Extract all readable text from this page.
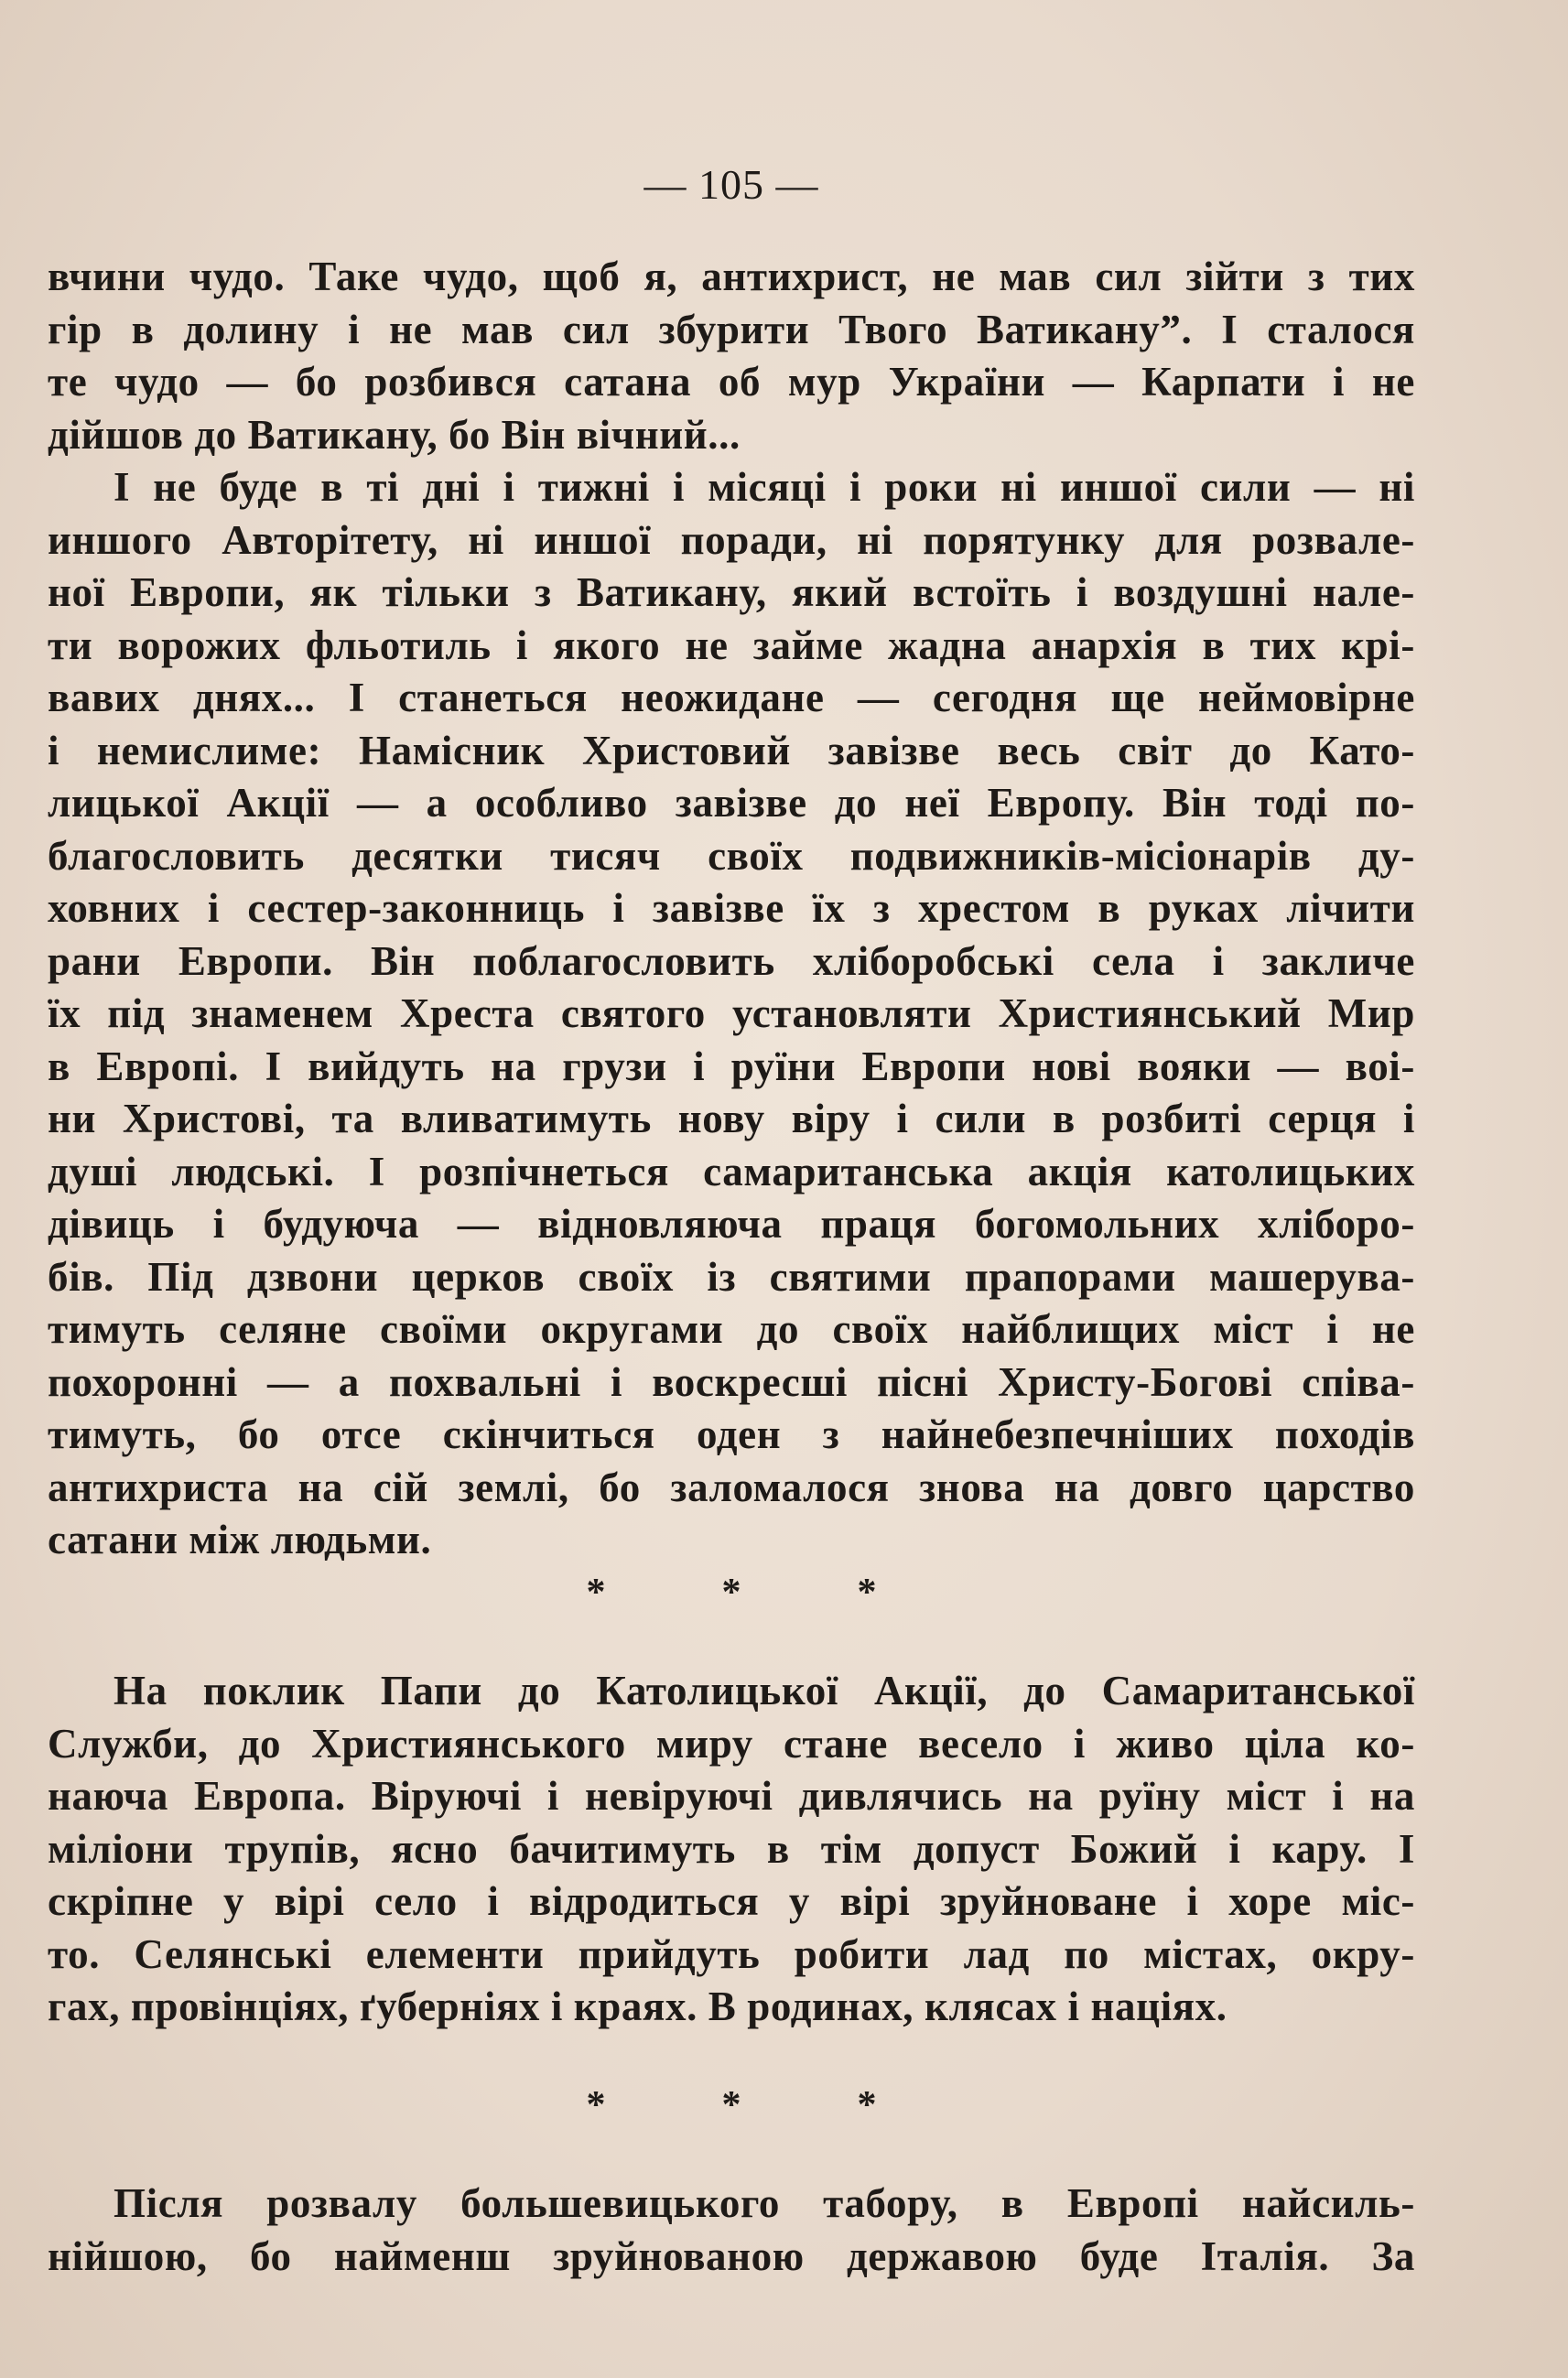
— 105 —
вчини чудо. Таке чудо, щоб я, антихрист, не мав сил зійти з тих
гір в долину і не мав сил збурити Твого Ватикану”. І сталося
те чудо — бо розбився сатана об мур України — Карпати і не
дійшов до Ватикану, бо Він вічний...
І не буде в ті дні і тижні і місяці і роки ні иншої сили — ні
иншого Авторітету, ні иншої поради, ні порятунку для розвале-
ної Европи, як тільки з Ватикану, який встоїть і воздушні нале-
ти ворожих фльотиль і якого не займе жадна анархія в тих крі-
вавих днях... І станеться неожидане — сегодня ще неймовірне
і немислиме: Намісник Христовий завізве весь світ до Като-
лицької Акції — а особливо завізве до неї Европу. Він тоді по-
благословить десятки тисяч своїх подвижників-місіонарів ду-
ховних і сестер-законниць і завізве їх з хрестом в руках лічити
рани Европи. Він поблагословить хліборобські села і закличе
їх під знаменем Хреста святого установляти Християнський Мир
в Европі. І вийдуть на грузи і руїни Европи нові вояки — воі-
ни Христові, та вливатимуть нову віру і сили в розбиті серця і
душі людські. І розпічнеться самаританська акція католицьких
дівиць і будуюча — відновляюча праця богомольних хліборо-
бів. Під дзвони церков своїх із святими прапорами машерува-
тимуть селяне своїми округами до своїх найблищих міст і не
похоронні — а похвальні і воскресші пісні Христу-Богові співа-
тимуть, бо отсе скінчиться оден з найнебезпечніших походів
антихриста на сій землі, бо заломалося знова на довго царство
сатани між людьми.
*	*	*
На поклик Папи до Католицької Акції, до Самаританської
Служби, до Християнського миру стане весело і живо ціла ко-
наюча Европа. Віруючі і невіруючі дивлячись на руїну міст і на
міліони трупів, ясно бачитимуть в тім допуст Божий і кару. І
скріпне у вірі село і відродиться у вірі зруйноване і хоре міс-
то. Селянські елементи прийдуть робити лад по містах, окру-
гах, провінціях, ґуберніях і краях. В родинах, клясах і націях.
*	*	*
Після розвалу большевицького табору, в Европі найсиль-
нійшою, бо найменш зруйнованою державою буде Італія. За
